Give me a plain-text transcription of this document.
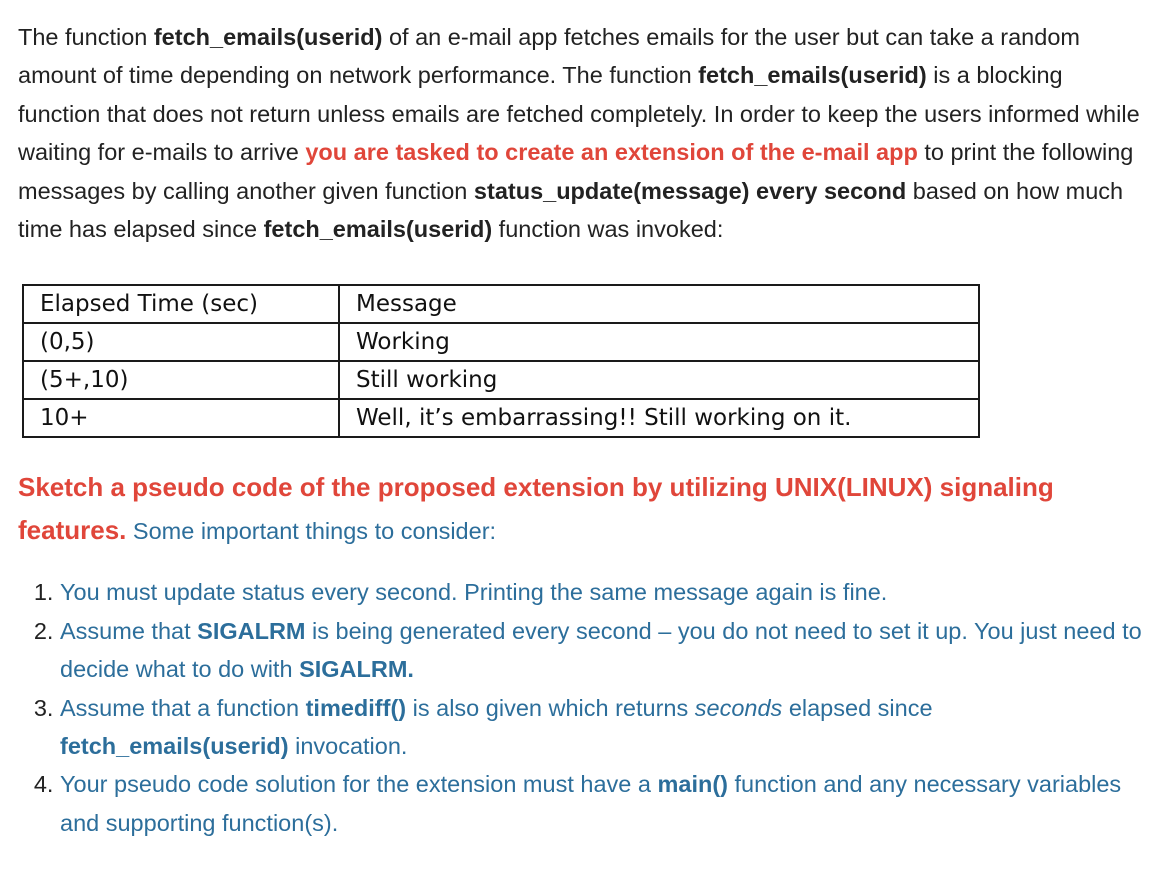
The function fetch_emails(userid) of an e-mail app fetches emails for the user but can take a random amount of time depending on network performance. The function fetch_emails(userid) is a blocking function that does not return unless emails are fetched completely. In order to keep the users informed while waiting for e-mails to arrive you are tasked to create an extension of the e-mail app to print the following messages by calling another given function status_update(message) every second based on how much time has elapsed since fetch_emails(userid) function was invoked:

Elapsed Time (sec)	Message
(0,5)	Working
(5+,10)	Still working
10+	Well, it’s embarrassing!! Still working on it.

Sketch a pseudo code of the proposed extension by utilizing UNIX(LINUX) signaling features. Some important things to consider:

1. You must update status every second. Printing the same message again is fine.
2. Assume that SIGALRM is being generated every second – you do not need to set it up. You just need to decide what to do with SIGALRM.
3. Assume that a function timediff() is also given which returns seconds elapsed since fetch_emails(userid) invocation.
4. Your pseudo code solution for the extension must have a main() function and any necessary variables and supporting function(s).
